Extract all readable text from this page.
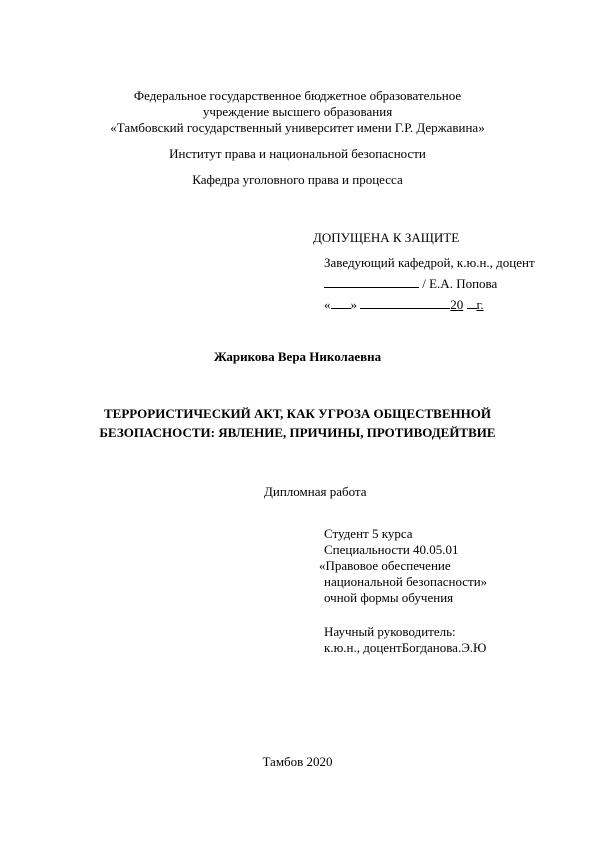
Федеральное государственное бюджетное образовательное
учреждение высшего образования
«Тамбовский государственный университет имени Г.Р. Державина»
Институт права и национальной безопасности
Кафедра уголовного права и процесса
ДОПУЩЕНА К ЗАЩИТЕ
Заведующий кафедрой, к.ю.н., доцент
/ Е.А. Попова
« »	20 г.
Жарикова Вера Николаевна
ТЕРРОРИСТИЧЕСКИЙ АКТ, КАК УГРОЗА ОБЩЕСТВЕННОЙ
БЕЗОПАСНОСТИ: ЯВЛЕНИЕ, ПРИЧИНЫ, ПРОТИВОДЕЙТВИЕ
Дипломная работа
Студент 5 курса
Специальности 40.05.01
«Правовое обеспечение
национальной безопасности»
очной формы обучения
Научный руководитель:
к.ю.н., доцентБогданова.Э.Ю
Тамбов 2020
